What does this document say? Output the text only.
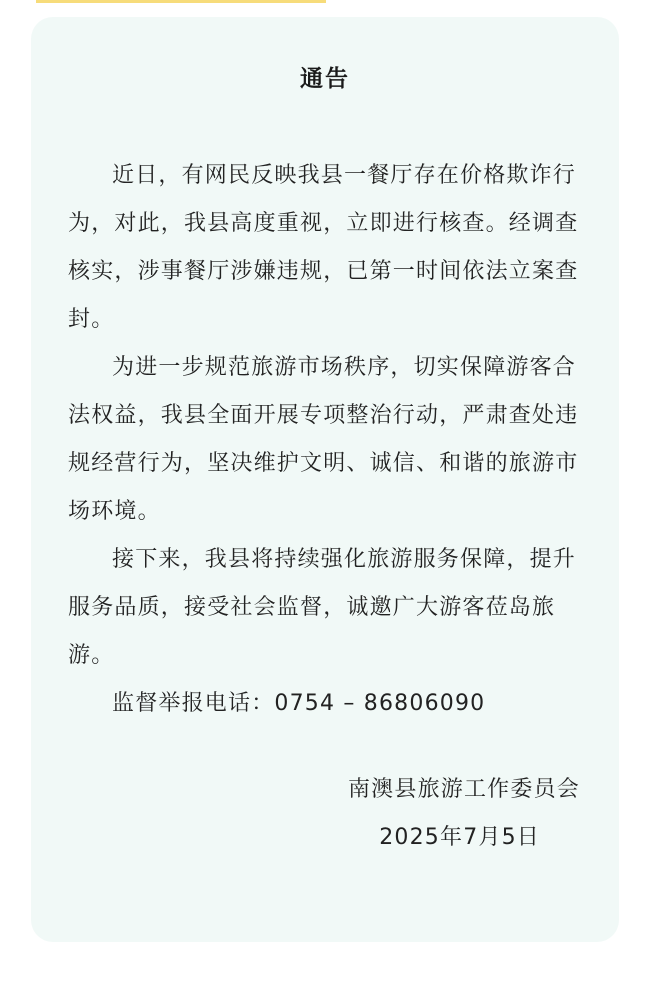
通告

近日，有网民反映我县一餐厅存在价格欺诈行为，对此，我县高度重视，立即进行核查。经调查核实，涉事餐厅涉嫌违规，已第一时间依法立案查封。

为进一步规范旅游市场秩序，切实保障游客合法权益，我县全面开展专项整治行动，严肃查处违规经营行为，坚决维护文明、诚信、和谐的旅游市场环境。

接下来，我县将持续强化旅游服务保障，提升服务品质，接受社会监督，诚邀广大游客莅岛旅游。

监督举报电话：0754 – 86806090

南澳县旅游工作委员会
2025年7月5日
